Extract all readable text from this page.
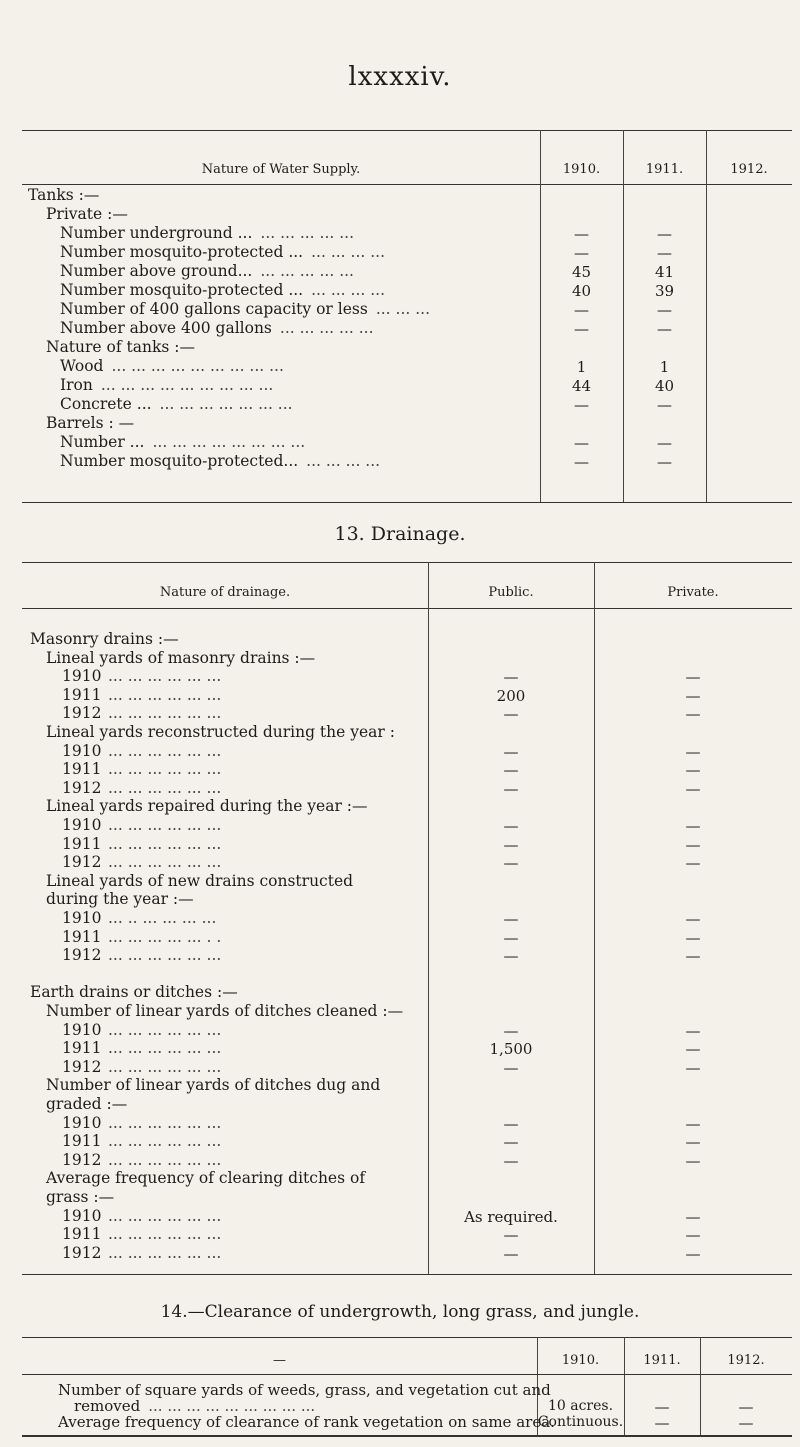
lxxxxiv.
Nature of Water Supply.	1910.	1911.	1912.
Tanks :—
Private :—
Number underground ... ... ... ... ... ...	—	—
Number mosquito-protected ... ... ... ... ...	—	—
Number above ground... ... ... ... ... ...	45	41
Number mosquito-protected ... ... ... ... ...	40	39
Number of 400 gallons capacity or less ... ... ...	—	—
Number above 400 gallons ... ... ... ... ...	—	—
Nature of tanks :—
Wood ... ... ... ... ... ... ... ... ...	1	1
Iron ... ... ... ... ... ... ... ... ...	44	40
Concrete ... ... ... ... ... ... ... ...	—	—
Barrels : —
Number ... ... ... ... ... ... ... ... ...	—	—
Number mosquito-protected... ... ... ... ...	—	—
13. Drainage.
Nature of drainage.	Public.	Private.
Masonry drains :—
Lineal yards of masonry drains :—
1910 ... ... ... ... ... ...	—	—
1911 ... ... ... ... ... ...	200	—
1912 ... ... ... ... ... ...	—	—
Lineal yards reconstructed during the year :
1910 ... ... ... ... ... ...	—	—
1911 ... ... ... ... ... ...	—	—
1912 ... ... ... ... ... ...	—	—
Lineal yards repaired during the year :—
1910 ... ... ... ... ... ...	—	—
1911 ... ... ... ... ... ...	—	—
1912 ... ... ... ... ... ...	—	—
Lineal yards of new drains constructed
during the year :—
1910 ... .. ... ... ... ...	—	—
1911 ... ... ... ... ... . .	—	—
1912 ... ... ... ... ... ...	—	—
Earth drains or ditches :—
Number of linear yards of ditches cleaned :—
1910 ... ... ... ... ... ...	—	—
1911 ... ... ... ... ... ...	1,500	—
1912 ... ... ... ... ... ...	—	—
Number of linear yards of ditches dug and
graded :—
1910 ... ... ... ... ... ...	—	—
1911 ... ... ... ... ... ...	—	—
1912 ... ... ... ... ... ...	—	—
Average frequency of clearing ditches of
grass :—
1910 ... ... ... ... ... ...	As required.	—
1911 ... ... ... ... ... ...	—	—
1912 ... ... ... ... ... ...	—	—
14.—Clearance of undergrowth, long grass, and jungle.
—	1910.	1911.	1912.
Number of square yards of weeds, grass, and vegetation cut and
removed ... ... ... ... ... ... ... ... ...	10 acres.	—	—
Average frequency of clearance of rank vegetation on same area.
Continuous.	—	—
